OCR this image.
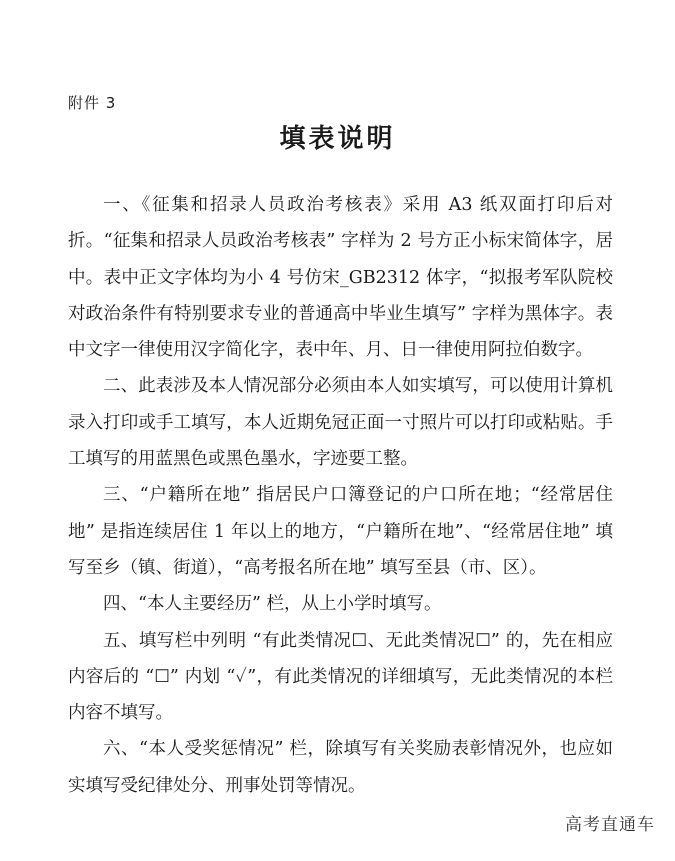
附件 3
填表说明

一、《征集和招录人员政治考核表》采用 A3 纸双面打印后对折。“征集和招录人员政治考核表” 字样为 2 号方正小标宋简体字，居中。表中正文字体均为小 4 号仿宋_GB2312 体字，“拟报考军队院校对政治条件有特别要求专业的普通高中毕业生填写” 字样为黑体字。表中文字一律使用汉字简化字，表中年、月、日一律使用阿拉伯数字。

二、此表涉及本人情况部分必须由本人如实填写，可以使用计算机录入打印或手工填写，本人近期免冠正面一寸照片可以打印或粘贴。手工填写的用蓝黑色或黑色墨水，字迹要工整。

三、“户籍所在地” 指居民户口簿登记的户口所在地；“经常居住地” 是指连续居住 1 年以上的地方，“户籍所在地”、“经常居住地” 填写至乡（镇、街道），“高考报名所在地” 填写至县（市、区）。

四、“本人主要经历” 栏，从上小学时填写。

五、填写栏中列明 “有此类情况☐、无此类情况☐” 的，先在相应内容后的 “☐” 内划 “✓”，有此类情况的详细填写，无此类情况的本栏内容不填写。

六、“本人受奖惩情况” 栏，除填写有关奖励表彰情况外，也应如实填写受纪律处分、刑事处罚等情况。

高考直通车
